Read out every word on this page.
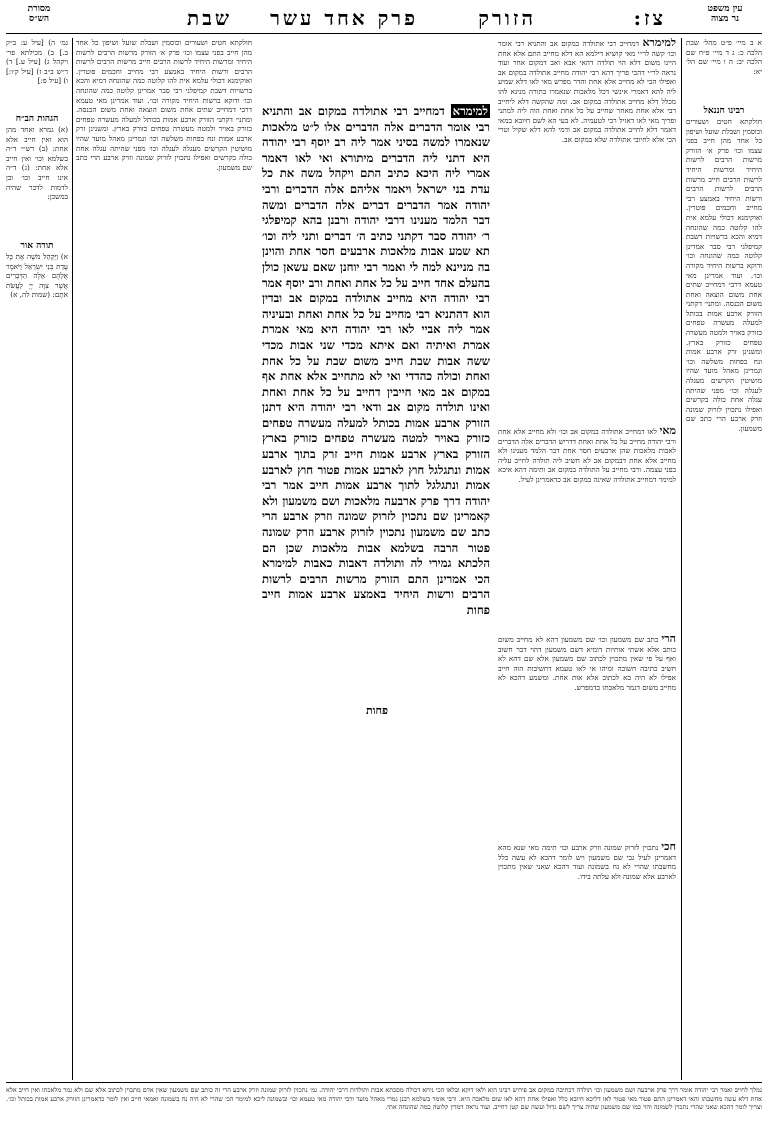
עין משפט
נר מצוה
צז:
הזורק
פרק אחד עשר
שבת
מסורת
הש״ס
א ב מיי׳ פ״ט מהל׳ שבת הלכה כ: ג ד מיי׳ פ״ח שם הלכה יב: ה ו מיי׳ שם הל׳ יא:
רבינו חננאל
חולקתא חטים ושעורים וכוסמין ושבלת שועל ושיפון כל אחד מהן חייב בפני עצמו וכו׳ פרק א׳ הזורק מרשות הרבים לרשות היחיד ומרשות היחיד לרשות הרבים חייב מרשות הרבים לרשות הרבים ורשות היחיד באמצע רבי מחייב וחכמים פוטרין. ואוקימנא דכולי עלמא אית להו קלוטה כמה שהונחה דמיא והכא ברשויות דשבת קמיפלגי רבי סבר אמרינן קלוטה כמה שהונחה וכו׳ ודוקא ברשות היחיד מקורה וכו׳. ועוד אמרינן מאי טעמא דרבי דמחייב שתים אחת משום הוצאה ואחת משום הכנסה. ומתני׳ דקתני הזורק ארבע אמות בכותל למעלה מעשרה טפחים כזורק באויר ולמטה מעשרה טפחים כזורק בארץ. ומשנינן זרק ארבע אמות ונח בפחות משלשה וכו׳ וגמרינן מאהל מועד שהיו מושיטין הקרשים מעגלה לעגלה וכו׳ מפני שהיתה עגלה אחת כולה בקרשים ואפילו נתכוין לזרוק שמונה וזרק ארבע הרי כתב שם משמעון.
למימרא דמחייב רבי אתולדה במקום אב והתניא רבי אומר וכו׳ קשה לר״י מאי קושיא דילמא הא דלא מחייב התם אלא אחת היינו משום דלא הוי תולדה דהאי אבא ואב דמקום אחר ועוד נראה לר״י דהכי פריך דהא רבי יהודה מחייב אתולדה במקום אב ואפילו הכי לא מחייב אלא אחת והדר מפרש מאי לאו דלא שמיע ליה להא דאמרי אינשי דכל מלאכות שנאמרו בתורה מנינא להו מכלל דלא מחייב אתולדה במקום אב. ומה שהקשה דלא ליחייב רבי אלא אחת מאחר שחייב על כל אחת ואחת הוה ליה למתני ופריך מאי לאו דאזיל רבי לטעמיה. לא בעי הא לשם חיובא במאי דאמר דלא לחייב אתולדה במקום אב ודמי להא דלא שקיל וטרי הכי אלא לחיובי אתולדה שלא במקום אב.
מאי לאו דמחייב אתולדה במקום אב וכו׳ ולא מחייב אלא אחת ורבי יהודה מחייב על כל אחת ואחת דדריש הדברים אלה הדברים לאבות מלאכות שהן ארבעים חסר אחת דבר הלמד מענינו ולא מחייב אלא אחת דבמקום אב לא חשיב ליה תולדה לחייב עליה בפני עצמה. ורבי מחייב על התולדה במקום אב ותימה דהא איכא למימר דמחייב אתולדה שאינה במקום אב כדאמרינן לעיל.
הרי כתב שם משמעון וכו׳ שם משמעון דהא לא מחייב משום כותב אלא אשתי אותיות דומיא דשם משמעון דהוי דבר חשוב ואף על פי שאין מתכוין לכתוב שם משמעון אלא שם דהא לא חשיב כתיבה חשובה ומיהו אי לאו טעמא דחשיבות הוה חייב אפילו לא היה בא לכתוב אלא אות אחת. ומשמע דהכא לא מחייב משום דגמר מלאכתו כדמפרש.
חכי נתכוין לזרוק שמונה וזרק ארבע וכו׳ תימה מאי שנא מהא דאמרינן לעיל גבי שם משמעון ויש לומר דהכא לא עשה כלל מחשבתו שהרי לא נח בשמונה ועוד דהכא שאני שאין מתכוין לארבע אלא שמונה ולא עלתה בידו.
למימרא דמחייב רבי אתולדה במקום אב והתניא רבי אומר הדברים אלה הדברים אלו ל״ט מלאכות שנאמרו למשה בסיני אמר ליה רב יוסף רבי יהודה היא דתני ליה הדברים מיתורא ואי לאו דאמר אמרי ליה היכא כתיב התם ויקהל משה את כל עדת בני ישראל ויאמר אליהם אלה הדברים ורבי יהודה אמר הדברים דברים אלה הדברים ומשה דבר הלמד מענינו דרבי יהודה ורבנן בהא קמיפלגי ר׳ יהודה סבר דקתני כתיב ה׳ דברים ותני ליה וכו׳ תא שמע אבות מלאכות ארבעים חסר אחת והוינן בה מניינא למה לי ואמר רבי יוחנן שאם עשאן כולן בהעלם אחד חייב על כל אחת ואחת ורב יוסף אמר רבי יהודה היא מחייב אתולדה במקום אב ובדין הוא דהתניא רבי מחייב על כל אחת ואחת ובעיניה אמר ליה אביי לאו רבי יהודה היא מאי אמרת אמרת ואיתיה ואם איתא מכדי שני אבות מכדי ששה אבות שבת חייב משום שבת על כל אחת ואחת וכולה כהדדי ואי לא מתחייב אלא אחת אף במקום אב מאי חייבין דחייב על כל אחת ואחת ואינו תולדה מקום אב ודאי רבי יהודה היא דתנן הזורק ארבע אמות בכותל למעלה מעשרה טפחים כזורק באויר למטה מעשרה טפחים כזורק בארץ הזורק בארץ ארבע אמות חייב זרק בתוך ארבע אמות ונתגלגל חוץ לארבע אמות פטור חוץ לארבע אמות ונתגלגל לתוך ארבע אמות חייב אמר רבי יהודה דרך פרק ארבעה מלאכות ושם משמעון ולא קאמרינן שם נתכוין לזרוק שמונה וזרק ארבע הרי כתב שם משמעון נתכוין לזרוק ארבע וזרק שמונה פטור הרבה בשלמא אבות מלאכות שכן הם הלכתא גמירי לה ותולדה דאבות כאבות למימרא הכי אמרינן התם הזורק מרשות הרבים לרשות הרבים ורשות היחיד באמצע ארבע אמות חייב פחות
פחות
חולקתא חטים ושעורים וכוסמין ושבלת שועל ושיפון כל אחד מהן חייב בפני עצמו וכו׳ פרק א׳ הזורק מרשות הרבים לרשות היחיד ומרשות היחיד לרשות הרבים חייב מרשות הרבים לרשות הרבים ורשות היחיד באמצע רבי מחייב וחכמים פוטרין. ואוקימנא דכולי עלמא אית להו קלוטה כמה שהונחה דמיא והכא ברשויות דשבת קמיפלגי רבי סבר אמרינן קלוטה כמה שהונחה וכו׳ ודוקא ברשות היחיד מקורה וכו׳. ועוד אמרינן מאי טעמא דרבי דמחייב שתים אחת משום הוצאה ואחת משום הכנסה. ומתני׳ דקתני הזורק ארבע אמות בכותל למעלה מעשרה טפחים כזורק באויר ולמטה מעשרה טפחים כזורק בארץ. ומשנינן זרק ארבע אמות ונח בפחות משלשה וכו׳ וגמרינן מאהל מועד שהיו מושיטין הקרשים מעגלה לעגלה וכו׳ מפני שהיתה עגלה אחת כולה בקרשים ואפילו נתכוין לזרוק שמונה וזרק ארבע הרי כתב שם משמעון.
גמ׳ ה) [עיל ע: ב״ק ב.] ב) מכילתא פר׳ ויקהל ג) [עיל ע.] ד) ר״ש ב״ב ז) [עיל ק׳ו:] ו) [עיל פ:]
הגהות הב״ח
(א) גמרא ואחד מהן הוא ואין חייב אלא אחת: (ב) רש״י ד״ה בשלמא וכו׳ ואין חייב אלא אחת: (ג) ד״ה אינו חייב וכו׳ ובן לדמות לדבר שהיה במשכן:
תורה אור
א) וַיַּקְהֵל מֹשֶׁה אֶת כָּל עֲדַת בְּנֵי יִשְׂרָאֵל וַיֹּאמֶר אֲלֵהֶם אֵלֶּה הַדְּבָרִים אֲשֶׁר צִוָּה יְיָ לַעֲשֹׂת אֹתָם: (שמות לה, א)
נמלך לחייב ואמר רבי יהודה אומר דרך פרק ארבעה ושם משמעון וכו׳ תולדה דכתיבה במקום אב פירוש רבינו הוא ולאו דוקא ובלאו הכי ניחא דכולה מסכתא אבות ותולדות דרבי יהודה. גמ׳ נתכוין לזרוק שמונה וזרק ארבע הרי זה כותב שם משמעון שאין אדם מתכוין לכתוב אלא שם ולא גמר מלאכתו ואין חייב אלא אחת דלא עשה מחשבתו והאי דאמרינן התם פטור מאי פטור לאו דליכא חיובא כלל ואפילו אחת דהא לאו שום מלאכה היא. ורבי אומר בשלמא רבנן גמרי מאהל מועד ורבי יהודה מאי טעמא וכו׳ ובשמונה ליכא למימר הכי שהרי לא היה נח בשמונה ואמאי חייב ואין לומר כדאמרינן הזורק ארבע אמות בכותל וכו׳. וצריך לומר דהכא שאני שהרי נתכוין לשמונה והוי כמו שם משמעון שהיה צריך לשם גדול ועשה שם קטן דחייב. ועוד נראה דמדין קלוטה כמה שהונחה אתי.
